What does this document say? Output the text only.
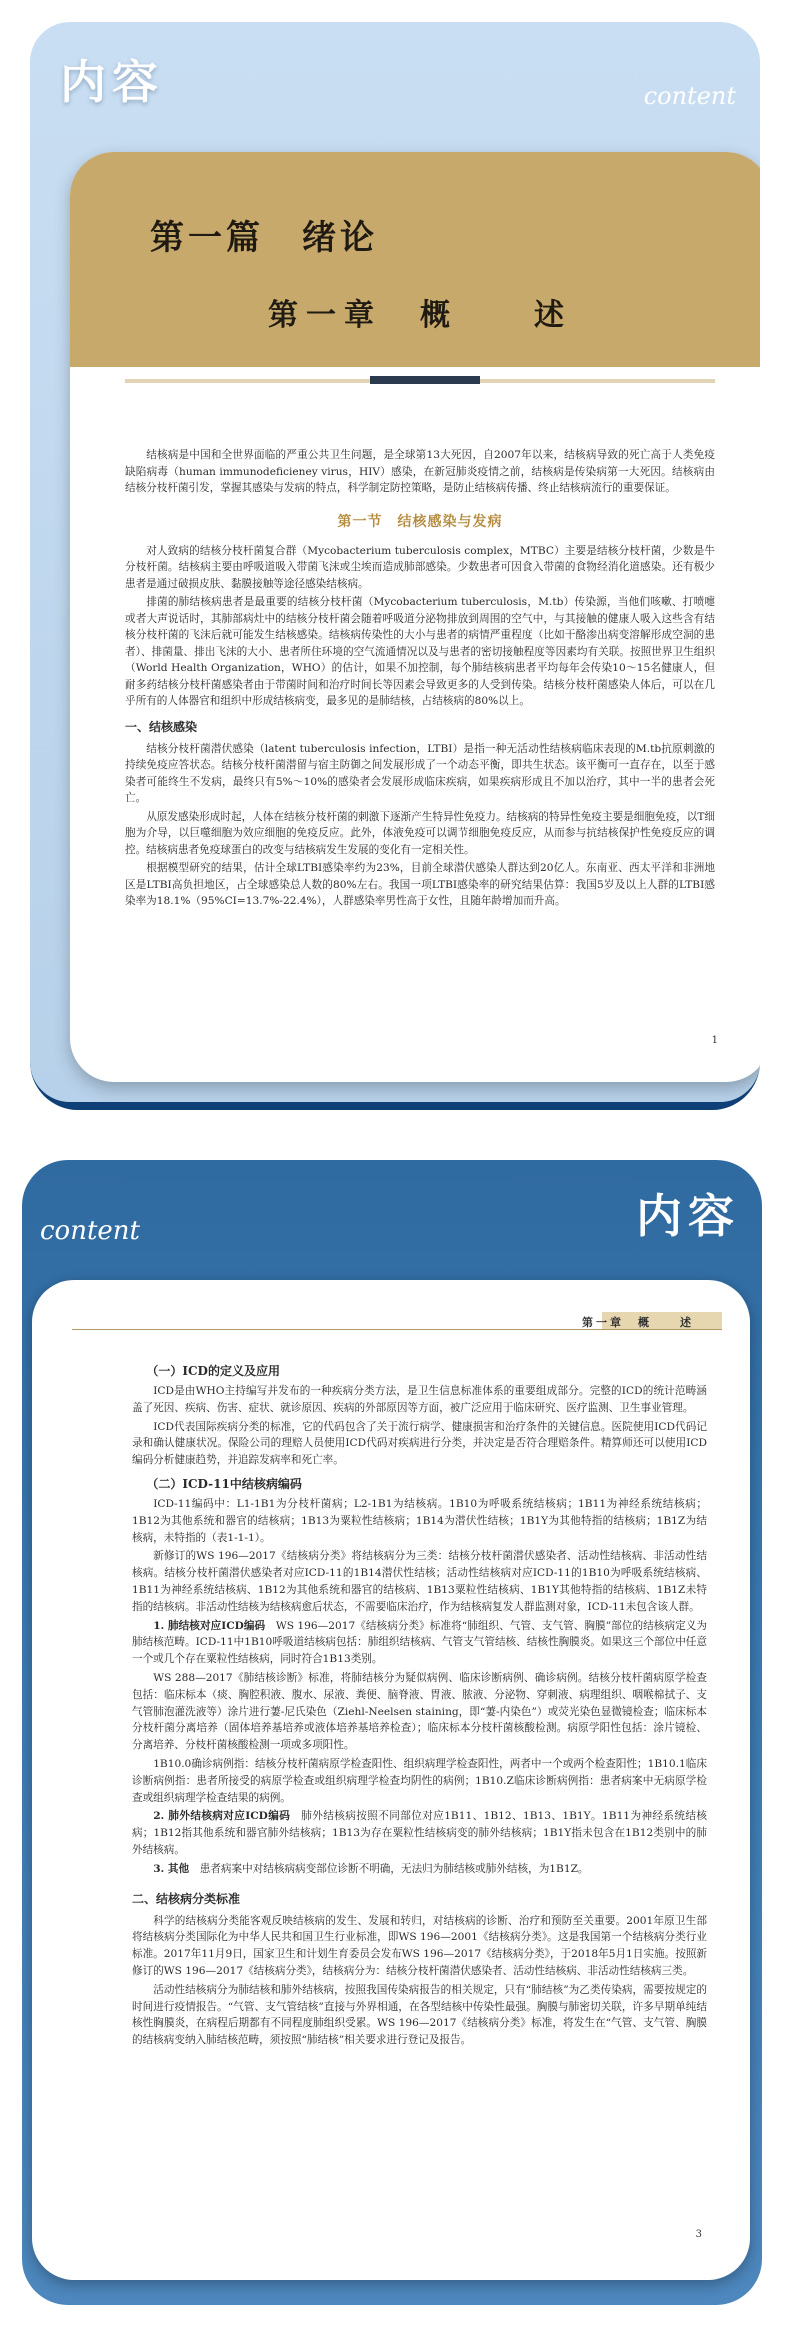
内容	content
第一篇　绪论
第一章　概　　述

结核病是中国和全世界面临的严重公共卫生问题，是全球第13大死因，自2007年以来，结核病导致的死亡高于人类免疫缺陷病毒（human immunodeficieney virus，HIV）感染，在新冠肺炎疫情之前，结核病是传染病第一大死因。结核病由结核分枝杆菌引发，掌握其感染与发病的特点，科学制定防控策略，是防止结核病传播、终止结核病流行的重要保证。

第一节　结核感染与发病

对人致病的结核分枝杆菌复合群（Mycobacterium tuberculosis complex，MTBC）主要是结核分枝杆菌，少数是牛分枝杆菌。结核病主要由呼吸道吸入带菌飞沫或尘埃而造成肺部感染。少数患者可因食入带菌的食物经消化道感染。还有极少患者是通过破损皮肤、黏膜接触等途径感染结核病。

排菌的肺结核病患者是最重要的结核分枝杆菌（Mycobacterium tuberculosis，M.tb）传染源，当他们咳嗽、打喷嚏或者大声说话时，其肺部病灶中的结核分枝杆菌会随着呼吸道分泌物排放到周围的空气中，与其接触的健康人吸入这些含有结核分枝杆菌的飞沫后就可能发生结核感染。结核病传染性的大小与患者的病情严重程度（比如干酪渗出病变溶解形成空洞的患者）、排菌量、排出飞沫的大小、患者所住环境的空气流通情况以及与患者的密切接触程度等因素均有关联。按照世界卫生组织（World Health Organization，WHO）的估计，如果不加控制，每个肺结核病患者平均每年会传染10～15名健康人，但耐多药结核分枝杆菌感染者由于带菌时间和治疗时间长等因素会导致更多的人受到传染。结核分枝杆菌感染人体后，可以在几乎所有的人体器官和组织中形成结核病变，最多见的是肺结核，占结核病的80%以上。

一、结核感染

结核分枝杆菌潜伏感染（latent tuberculosis infection，LTBI）是指一种无活动性结核病临床表现的M.tb抗原刺激的持续免疫应答状态。结核分枝杆菌潜留与宿主防御之间发展形成了一个动态平衡，即共生状态。该平衡可一直存在，以至于感染者可能终生不发病，最终只有5%～10%的感染者会发展形成临床疾病，如果疾病形成且不加以治疗，其中一半的患者会死亡。

从原发感染形成时起，人体在结核分枝杆菌的刺激下逐渐产生特异性免疫力。结核病的特异性免疫主要是细胞免疫，以T细胞为介导，以巨噬细胞为效应细胞的免疫反应。此外，体液免疫可以调节细胞免疫反应，从而参与抗结核保护性免疫反应的调控。结核病患者免疫球蛋白的改变与结核病发生发展的变化有一定相关性。

根据模型研究的结果，估计全球LTBI感染率约为23%，目前全球潜伏感染人群达到20亿人。东南亚、西太平洋和非洲地区是LTBI高负担地区，占全球感染总人数的80%左右。我国一项LTBI感染率的研究结果估算：我国5岁及以上人群的LTBI感染率为18.1%（95%CI=13.7%-22.4%），人群感染率男性高于女性，且随年龄增加而升高。

1
content	内容
第一章　概　　述
（一）ICD的定义及应用

ICD是由WHO主持编写并发布的一种疾病分类方法，是卫生信息标准体系的重要组成部分。完整的ICD的统计范畴涵盖了死因、疾病、伤害、症状、就诊原因、疾病的外部原因等方面，被广泛应用于临床研究、医疗监测、卫生事业管理。

ICD代表国际疾病分类的标准，它的代码包含了关于流行病学、健康损害和治疗条件的关键信息。医院使用ICD代码记录和确认健康状况。保险公司的理赔人员使用ICD代码对疾病进行分类，并决定是否符合理赔条件。精算师还可以使用ICD编码分析健康趋势，并追踪发病率和死亡率。

（二）ICD-11中结核病编码

ICD-11编码中：L1-1B1为分枝杆菌病；L2-1B1为结核病。1B10为呼吸系统结核病；1B11为神经系统结核病；1B12为其他系统和器官的结核病；1B13为粟粒性结核病；1B14为潜伏性结核；1B1Y为其他特指的结核病；1B1Z为结核病，未特指的（表1-1-1）。

新修订的WS 196—2017《结核病分类》将结核病分为三类：结核分枝杆菌潜伏感染者、活动性结核病、非活动性结核病。结核分枝杆菌潜伏感染者对应ICD-11的1B14潜伏性结核；活动性结核病对应ICD-11的1B10为呼吸系统结核病、1B11为神经系统结核病、1B12为其他系统和器官的结核病、1B13粟粒性结核病、1B1Y其他特指的结核病、1B1Z未特指的结核病。非活动性结核为结核病愈后状态，不需要临床治疗，作为结核病复发人群监测对象，ICD-11未包含该人群。

1. 肺结核对应ICD编码　 WS 196—2017《结核病分类》标准将“肺组织、气管、支气管、胸膜”部位的结核病定义为肺结核范畴。ICD-11中1B10呼吸道结核病包括：肺组织结核病、气管支气管结核、结核性胸膜炎。如果这三个部位中任意一个或几个存在粟粒性结核病，同时符合1B13类别。

WS 288—2017《肺结核诊断》标准，将肺结核分为疑似病例、临床诊断病例、确诊病例。结核分枝杆菌病原学检查包括：临床标本（痰、胸腔积液、腹水、尿液、粪便、脑脊液、胃液、脓液、分泌物、穿刺液、病理组织、咽喉棉拭子、支气管肺泡灌洗液等）涂片进行萋-尼氏染色（Ziehl-Neelsen staining，即“萋-内染色”）或荧光染色显微镜检查；临床标本分枝杆菌分离培养（固体培养基培养或液体培养基培养检查）；临床标本分枝杆菌核酸检测。病原学阳性包括：涂片镜检、分离培养、分枝杆菌核酸检测一项或多项阳性。

1B10.0确诊病例指：结核分枝杆菌病原学检查阳性、组织病理学检查阳性，两者中一个或两个检查阳性；1B10.1临床诊断病例指：患者所接受的病原学检查或组织病理学检查均阴性的病例；1B10.Z临床诊断病例指：患者病案中无病原学检查或组织病理学检查结果的病例。

2. 肺外结核病对应ICD编码　 肺外结核病按照不同部位对应1B11、1B12、1B13、1B1Y。1B11为神经系统结核病；1B12指其他系统和器官肺外结核病；1B13为存在粟粒性结核病变的肺外结核病；1B1Y指未包含在1B12类别中的肺外结核病。

3. 其他　 患者病案中对结核病病变部位诊断不明确，无法归为肺结核或肺外结核，为1B1Z。

二、结核病分类标准

科学的结核病分类能客观反映结核病的发生、发展和转归，对结核病的诊断、治疗和预防至关重要。2001年原卫生部将结核病分类国际化为中华人民共和国卫生行业标准，即WS 196—2001《结核病分类》。这是我国第一个结核病分类行业标准。2017年11月9日，国家卫生和计划生育委员会发布WS 196—2017《结核病分类》，于2018年5月1日实施。按照新修订的WS 196—2017《结核病分类》，结核病分为：结核分枝杆菌潜伏感染者、活动性结核病、非活动性结核病三类。

活动性结核病分为肺结核和肺外结核病，按照我国传染病报告的相关规定，只有“肺结核”为乙类传染病，需要按规定的时间进行疫情报告。“气管、支气管结核”直接与外界相通，在各型结核中传染性最强。胸膜与肺密切关联，许多早期单纯结核性胸膜炎，在病程后期都有不同程度肺组织受累。WS 196—2017《结核病分类》标准，将发生在“气管、支气管、胸膜的结核病变纳入肺结核范畴，须按照“肺结核”相关要求进行登记及报告。

3
